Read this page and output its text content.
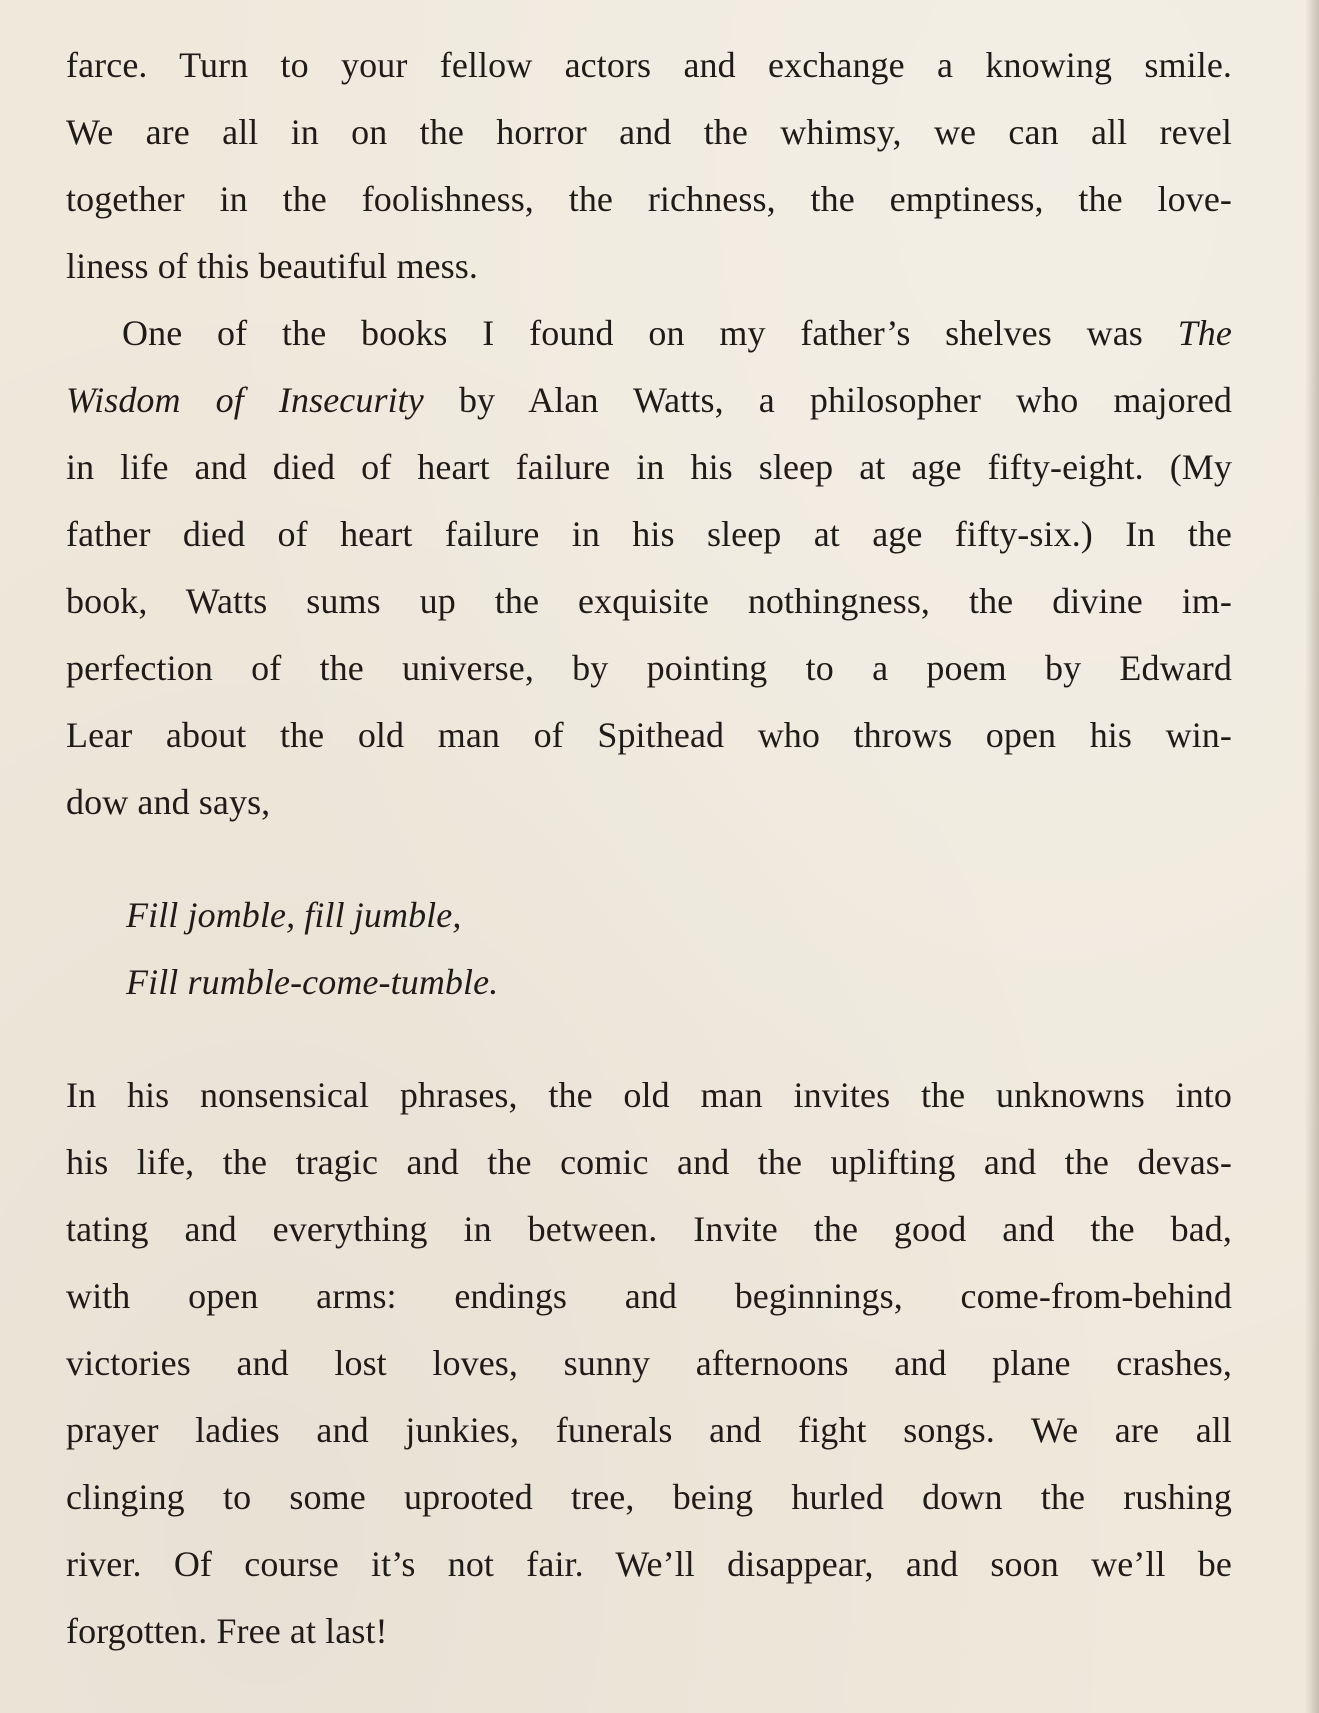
farce. Turn to your fellow actors and exchange a knowing smile.
We are all in on the horror and the whimsy, we can all revel
together in the foolishness, the richness, the emptiness, the love-
liness of this beautiful mess.
One of the books I found on my father’s shelves was The
Wisdom of Insecurity by Alan Watts, a philosopher who majored
in life and died of heart failure in his sleep at age fifty-eight. (My
father died of heart failure in his sleep at age fifty-six.) In the
book, Watts sums up the exquisite nothingness, the divine im-
perfection of the universe, by pointing to a poem by Edward
Lear about the old man of Spithead who throws open his win-
dow and says,
Fill jomble, fill jumble,
Fill rumble-come-tumble.
In his nonsensical phrases, the old man invites the unknowns into
his life, the tragic and the comic and the uplifting and the devas-
tating and everything in between. Invite the good and the bad,
with open arms: endings and beginnings, come-from-behind
victories and lost loves, sunny afternoons and plane crashes,
prayer ladies and junkies, funerals and fight songs. We are all
clinging to some uprooted tree, being hurled down the rushing
river. Of course it’s not fair. We’ll disappear, and soon we’ll be
forgotten. Free at last!
